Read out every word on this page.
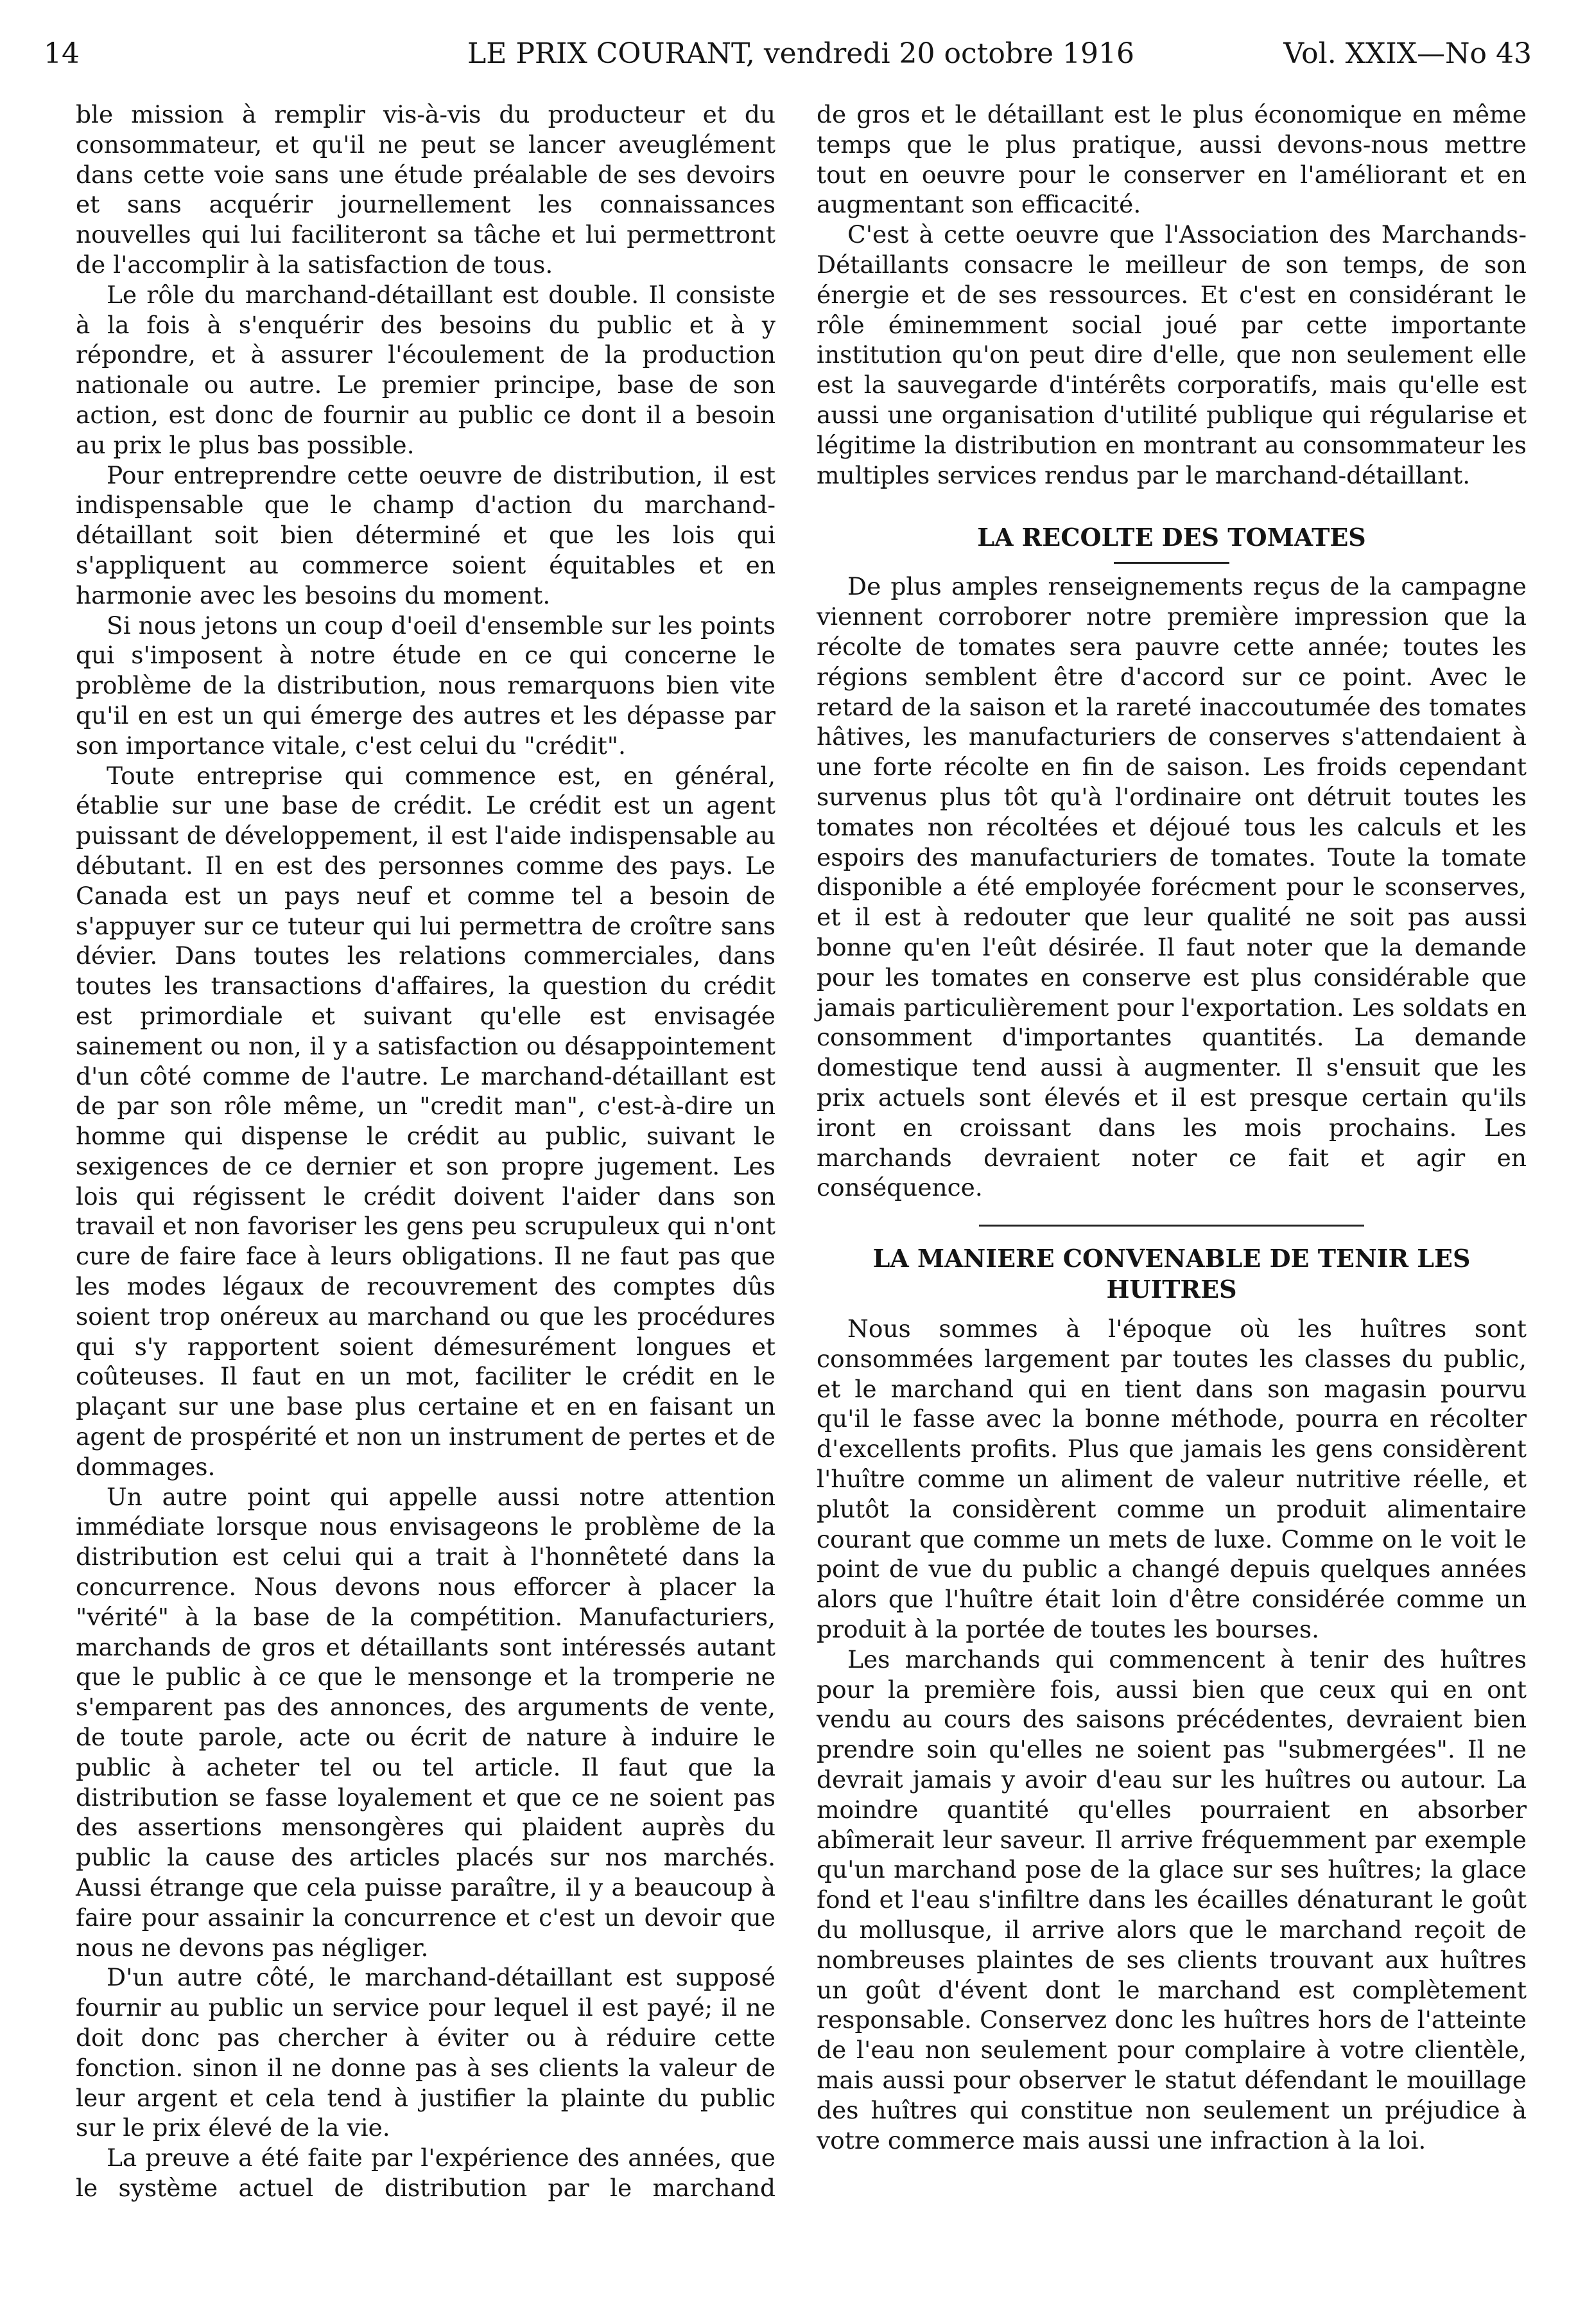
14	LE PRIX COURANT, vendredi 20 octobre 1916	Vol. XXIX—No 43

ble mission à remplir vis-à-vis du producteur et du consommateur, et qu'il ne peut se lancer aveuglément dans cette voie sans une étude préalable de ses devoirs et sans acquérir journellement les connaissances nouvelles qui lui faciliteront sa tâche et lui permettront de l'accomplir à la satisfaction de tous.

Le rôle du marchand-détaillant est double. Il consiste à la fois à s'enquérir des besoins du public et à y répondre, et à assurer l'écoulement de la production nationale ou autre. Le premier principe, base de son action, est donc de fournir au public ce dont il a besoin au prix le plus bas possible.

Pour entreprendre cette oeuvre de distribution, il est indispensable que le champ d'action du marchand-détaillant soit bien déterminé et que les lois qui s'appliquent au commerce soient équitables et en harmonie avec les besoins du moment.

Si nous jetons un coup d'oeil d'ensemble sur les points qui s'imposent à notre étude en ce qui concerne le problème de la distribution, nous remarquons bien vite qu'il en est un qui émerge des autres et les dépasse par son importance vitale, c'est celui du "crédit".

Toute entreprise qui commence est, en général, établie sur une base de crédit. Le crédit est un agent puissant de développement, il est l'aide indispensable au débutant. Il en est des personnes comme des pays. Le Canada est un pays neuf et comme tel a besoin de s'appuyer sur ce tuteur qui lui permettra de croître sans dévier. Dans toutes les relations commerciales, dans toutes les transactions d'affaires, la question du crédit est primordiale et suivant qu'elle est envisagée sainement ou non, il y a satisfaction ou désappointement d'un côté comme de l'autre. Le marchand-détaillant est de par son rôle même, un "credit man", c'est-à-dire un homme qui dispense le crédit au public, suivant le sexigences de ce dernier et son propre jugement. Les lois qui régissent le crédit doivent l'aider dans son travail et non favoriser les gens peu scrupuleux qui n'ont cure de faire face à leurs obligations. Il ne faut pas que les modes légaux de recouvrement des comptes dûs soient trop onéreux au marchand ou que les procédures qui s'y rapportent soient démesurément longues et coûteuses. Il faut en un mot, faciliter le crédit en le plaçant sur une base plus certaine et en en faisant un agent de prospérité et non un instrument de pertes et de dommages.

Un autre point qui appelle aussi notre attention immédiate lorsque nous envisageons le problème de la distribution est celui qui a trait à l'honnêteté dans la concurrence. Nous devons nous efforcer à placer la "vérité" à la base de la compétition. Manufacturiers, marchands de gros et détaillants sont intéressés autant que le public à ce que le mensonge et la tromperie ne s'emparent pas des annonces, des arguments de vente, de toute parole, acte ou écrit de nature à induire le public à acheter tel ou tel article. Il faut que la distribution se fasse loyalement et que ce ne soient pas des assertions mensongères qui plaident auprès du public la cause des articles placés sur nos marchés. Aussi étrange que cela puisse paraître, il y a beaucoup à faire pour assainir la concurrence et c'est un devoir que nous ne devons pas négliger.

D'un autre côté, le marchand-détaillant est supposé fournir au public un service pour lequel il est payé; il ne doit donc pas chercher à éviter ou à réduire cette fonction. sinon il ne donne pas à ses clients la valeur de leur argent et cela tend à justifier la plainte du public sur le prix élevé de la vie.

La preuve a été faite par l'expérience des années, que le système actuel de distribution par le marchand

de gros et le détaillant est le plus économique en même temps que le plus pratique, aussi devons-nous mettre tout en oeuvre pour le conserver en l'améliorant et en augmentant son efficacité.

C'est à cette oeuvre que l'Association des Marchands-Détaillants consacre le meilleur de son temps, de son énergie et de ses ressources. Et c'est en considérant le rôle éminemment social joué par cette importante institution qu'on peut dire d'elle, que non seulement elle est la sauvegarde d'intérêts corporatifs, mais qu'elle est aussi une organisation d'utilité publique qui régularise et légitime la distribution en montrant au consommateur les multiples services rendus par le marchand-détaillant.

LA RECOLTE DES TOMATES

De plus amples renseignements reçus de la campagne viennent corroborer notre première impression que la récolte de tomates sera pauvre cette année; toutes les régions semblent être d'accord sur ce point. Avec le retard de la saison et la rareté inaccoutumée des tomates hâtives, les manufacturiers de conserves s'attendaient à une forte récolte en fin de saison. Les froids cependant survenus plus tôt qu'à l'ordinaire ont détruit toutes les tomates non récoltées et déjoué tous les calculs et les espoirs des manufacturiers de tomates. Toute la tomate disponible a été employée forécment pour le sconserves, et il est à redouter que leur qualité ne soit pas aussi bonne qu'en l'eût désirée. Il faut noter que la demande pour les tomates en conserve est plus considérable que jamais particulièrement pour l'exportation. Les soldats en consomment d'importantes quantités. La demande domestique tend aussi à augmenter. Il s'ensuit que les prix actuels sont élevés et il est presque certain qu'ils iront en croissant dans les mois prochains. Les marchands devraient noter ce fait et agir en conséquence.

LA MANIERE CONVENABLE DE TENIR LES HUITRES

Nous sommes à l'époque où les huîtres sont consommées largement par toutes les classes du public, et le marchand qui en tient dans son magasin pourvu qu'il le fasse avec la bonne méthode, pourra en récolter d'excellents profits. Plus que jamais les gens considèrent l'huître comme un aliment de valeur nutritive réelle, et plutôt la considèrent comme un produit alimentaire courant que comme un mets de luxe. Comme on le voit le point de vue du public a changé depuis quelques années alors que l'huître était loin d'être considérée comme un produit à la portée de toutes les bourses.

Les marchands qui commencent à tenir des huîtres pour la première fois, aussi bien que ceux qui en ont vendu au cours des saisons précédentes, devraient bien prendre soin qu'elles ne soient pas "submergées". Il ne devrait jamais y avoir d'eau sur les huîtres ou autour. La moindre quantité qu'elles pourraient en absorber abîmerait leur saveur. Il arrive fréquemment par exemple qu'un marchand pose de la glace sur ses huîtres; la glace fond et l'eau s'infiltre dans les écailles dénaturant le goût du mollusque, il arrive alors que le marchand reçoit de nombreuses plaintes de ses clients trouvant aux huîtres un goût d'évent dont le marchand est complètement responsable. Conservez donc les huîtres hors de l'atteinte de l'eau non seulement pour complaire à votre clientèle, mais aussi pour observer le statut défendant le mouillage des huîtres qui constitue non seulement un préjudice à votre commerce mais aussi une infraction à la loi.
